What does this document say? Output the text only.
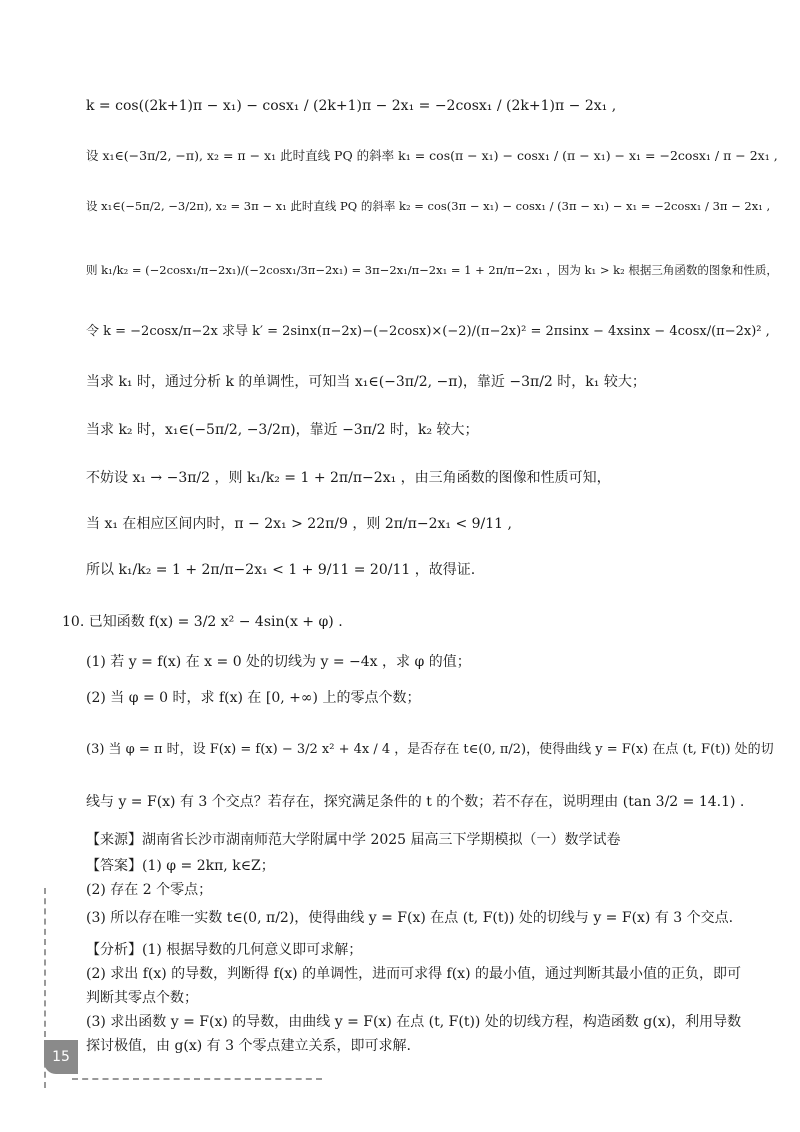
k = cos((2k+1)π − x₁) − cosx₁ / (2k+1)π − 2x₁ = −2cosx₁ / (2k+1)π − 2x₁ ,
设 x₁∈(−3π/2, −π), x₂ = π − x₁ 此时直线 PQ 的斜率 k₁ = cos(π − x₁) − cosx₁ / (π − x₁) − x₁ = −2cosx₁ / π − 2x₁ ,
设 x₁∈(−5π/2, −3/2π), x₂ = 3π − x₁ 此时直线 PQ 的斜率 k₂ = cos(3π − x₁) − cosx₁ / (3π − x₁) − x₁ = −2cosx₁ / 3π − 2x₁ ,
则 k₁/k₂ = (−2cosx₁/π−2x₁)/(−2cosx₁/3π−2x₁) = 3π−2x₁/π−2x₁ = 1 + 2π/π−2x₁ ，因为 k₁ > k₂ 根据三角函数的图象和性质，
令 k = −2cosx/π−2x 求导 k′ = 2sinx(π−2x)−(−2cosx)×(−2)/(π−2x)² = 2πsinx − 4xsinx − 4cosx/(π−2x)² ,
当求 k₁ 时，通过分析 k 的单调性，可知当 x₁∈(−3π/2, −π)，靠近 −3π/2 时，k₁ 较大；
当求 k₂ 时，x₁∈(−5π/2, −3/2π)，靠近 −3π/2 时，k₂ 较大；
不妨设 x₁ → −3π/2 ，则 k₁/k₂ = 1 + 2π/π−2x₁ ，由三角函数的图像和性质可知，
当 x₁ 在相应区间内时，π − 2x₁ > 22π/9 ，则 2π/π−2x₁ < 9/11 ,
所以 k₁/k₂ = 1 + 2π/π−2x₁ < 1 + 9/11 = 20/11 ，故得证.
10. 已知函数 f(x) = 3/2 x² − 4sin(x + φ) .
(1) 若 y = f(x) 在 x = 0 处的切线为 y = −4x ，求 φ 的值；
(2) 当 φ = 0 时，求 f(x) 在 [0, +∞) 上的零点个数；
(3) 当 φ = π 时，设 F(x) = f(x) − 3/2 x² + 4x / 4 ，是否存在 t∈(0, π/2)，使得曲线 y = F(x) 在点 (t, F(t)) 处的切
线与 y = F(x) 有 3 个交点？若存在，探究满足条件的 t 的个数；若不存在，说明理由 (tan 3/2 = 14.1) .
【来源】湖南省长沙市湖南师范大学附属中学 2025 届高三下学期模拟（一）数学试卷
【答案】(1) φ = 2kπ, k∈Z；
(2) 存在 2 个零点；
(3) 所以存在唯一实数 t∈(0, π/2)，使得曲线 y = F(x) 在点 (t, F(t)) 处的切线与 y = F(x) 有 3 个交点.
【分析】(1) 根据导数的几何意义即可求解；
(2) 求出 f(x) 的导数，判断得 f(x) 的单调性，进而可求得 f(x) 的最小值，通过判断其最小值的正负，即可
判断其零点个数；
(3) 求出函数 y = F(x) 的导数，由曲线 y = F(x) 在点 (t, F(t)) 处的切线方程，构造函数 g(x)，利用导数
探讨极值，由 g(x) 有 3 个零点建立关系，即可求解.
15
